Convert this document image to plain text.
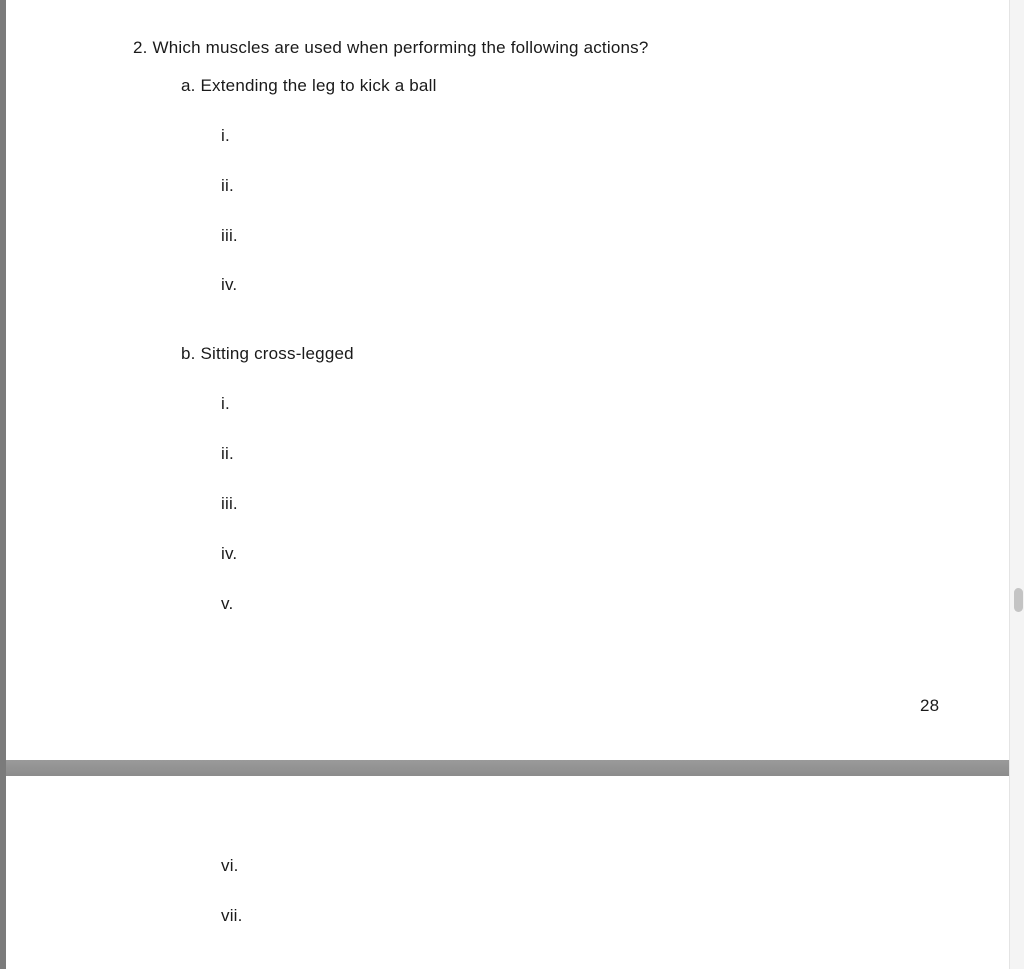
2. Which muscles are used when performing the following actions?
a. Extending the leg to kick a ball
i.
ii.
iii.
iv.
b. Sitting cross-legged
i.
ii.
iii.
iv.
v.
28
vi.
vii.
